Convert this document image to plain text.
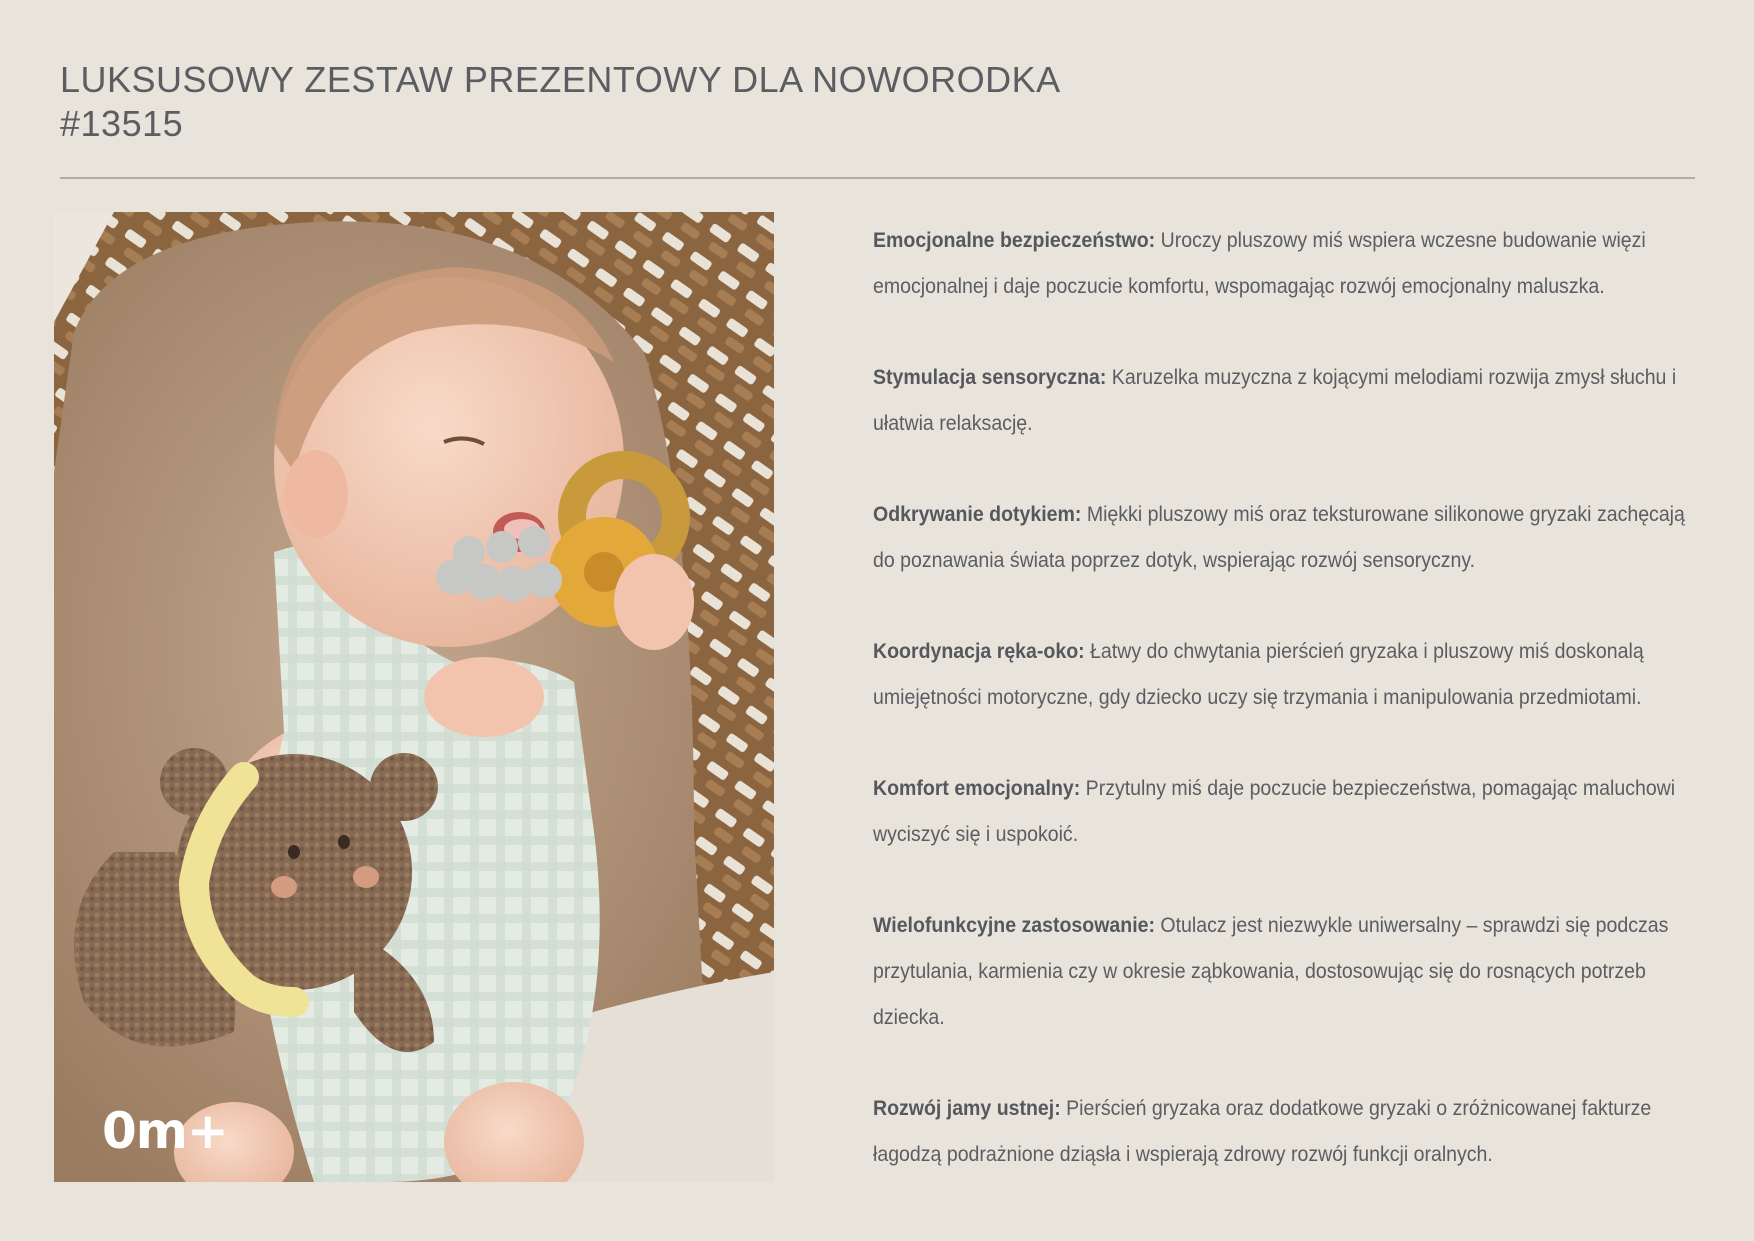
LUKSUSOWY ZESTAW PREZENTOWY DLA NOWORODKA
#13515
0m+
Emocjonalne bezpieczeństwo: Uroczy pluszowy miś wspiera wczesne budowanie więzi emocjonalnej i daje poczucie komfortu, wspomagając rozwój emocjonalny maluszka.
Stymulacja sensoryczna: Karuzelka muzyczna z kojącymi melodiami rozwija zmysł słuchu i ułatwia relaksację.
Odkrywanie dotykiem: Miękki pluszowy miś oraz teksturowane silikonowe gryzaki zachęcają do poznawania świata poprzez dotyk, wspierając rozwój sensoryczny.
Koordynacja ręka-oko: Łatwy do chwytania pierścień gryzaka i pluszowy miś doskonalą umiejętności motoryczne, gdy dziecko uczy się trzymania i manipulowania przedmiotami.
Komfort emocjonalny: Przytulny miś daje poczucie bezpieczeństwa, pomagając maluchowi wyciszyć się i uspokoić.
Wielofunkcyjne zastosowanie: Otulacz jest niezwykle uniwersalny – sprawdzi się podczas przytulania, karmienia czy w okresie ząbkowania, dostosowując się do rosnących potrzeb dziecka.
Rozwój jamy ustnej: Pierścień gryzaka oraz dodatkowe gryzaki o zróżnicowanej fakturze łagodzą podrażnione dziąsła i wspierają zdrowy rozwój funkcji oralnych.
